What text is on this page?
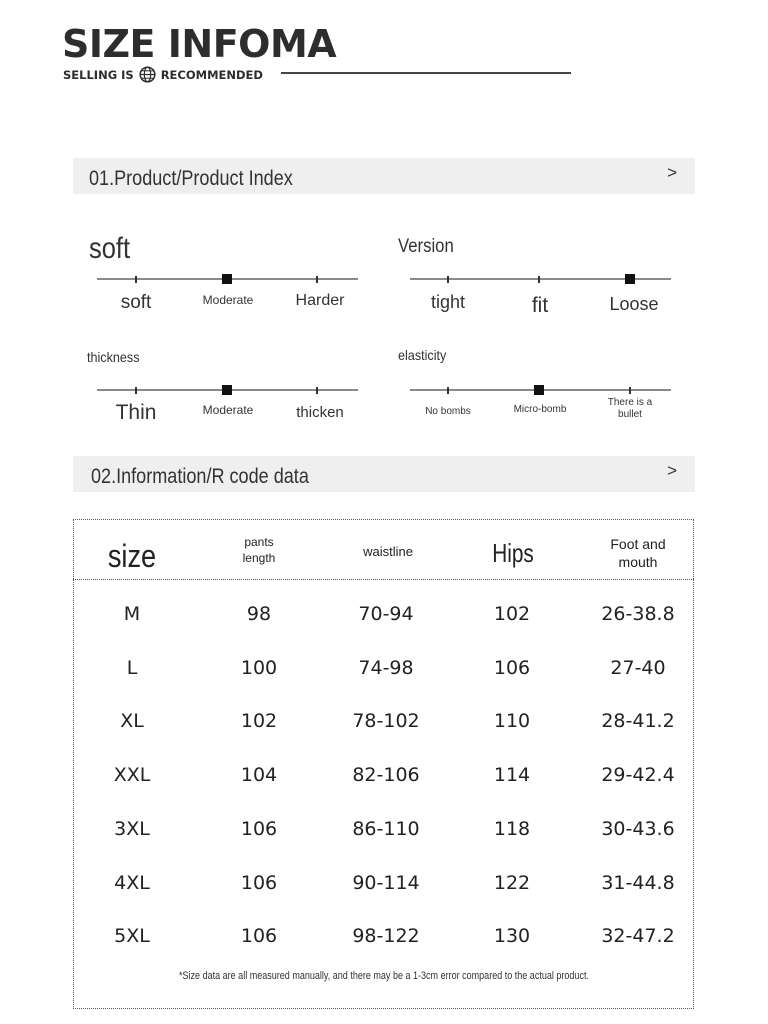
SIZE INFOMA
SELLING IS RECOMMENDED
01.Product/Product Index	>
soft
soft	Moderate	Harder
Version
tight	fit	Loose
thickness
Thin	Moderate	thicken
elasticity
No bombs	Micro-bomb
There is a bullet
02.Information/R code data	>
size	pants length	waistline	Hips	Foot and mouth
M	98	70-94	102	26-38.8
L	100	74-98	106	27-40
XL	102	78-102	110	28-41.2
XXL	104	82-106	114	29-42.4
3XL	106	86-110	118	30-43.6
4XL	106	90-114	122	31-44.8
5XL	106	98-122	130	32-47.2
*Size data are all measured manually, and there may be a 1-3cm error compared to the actual product.
